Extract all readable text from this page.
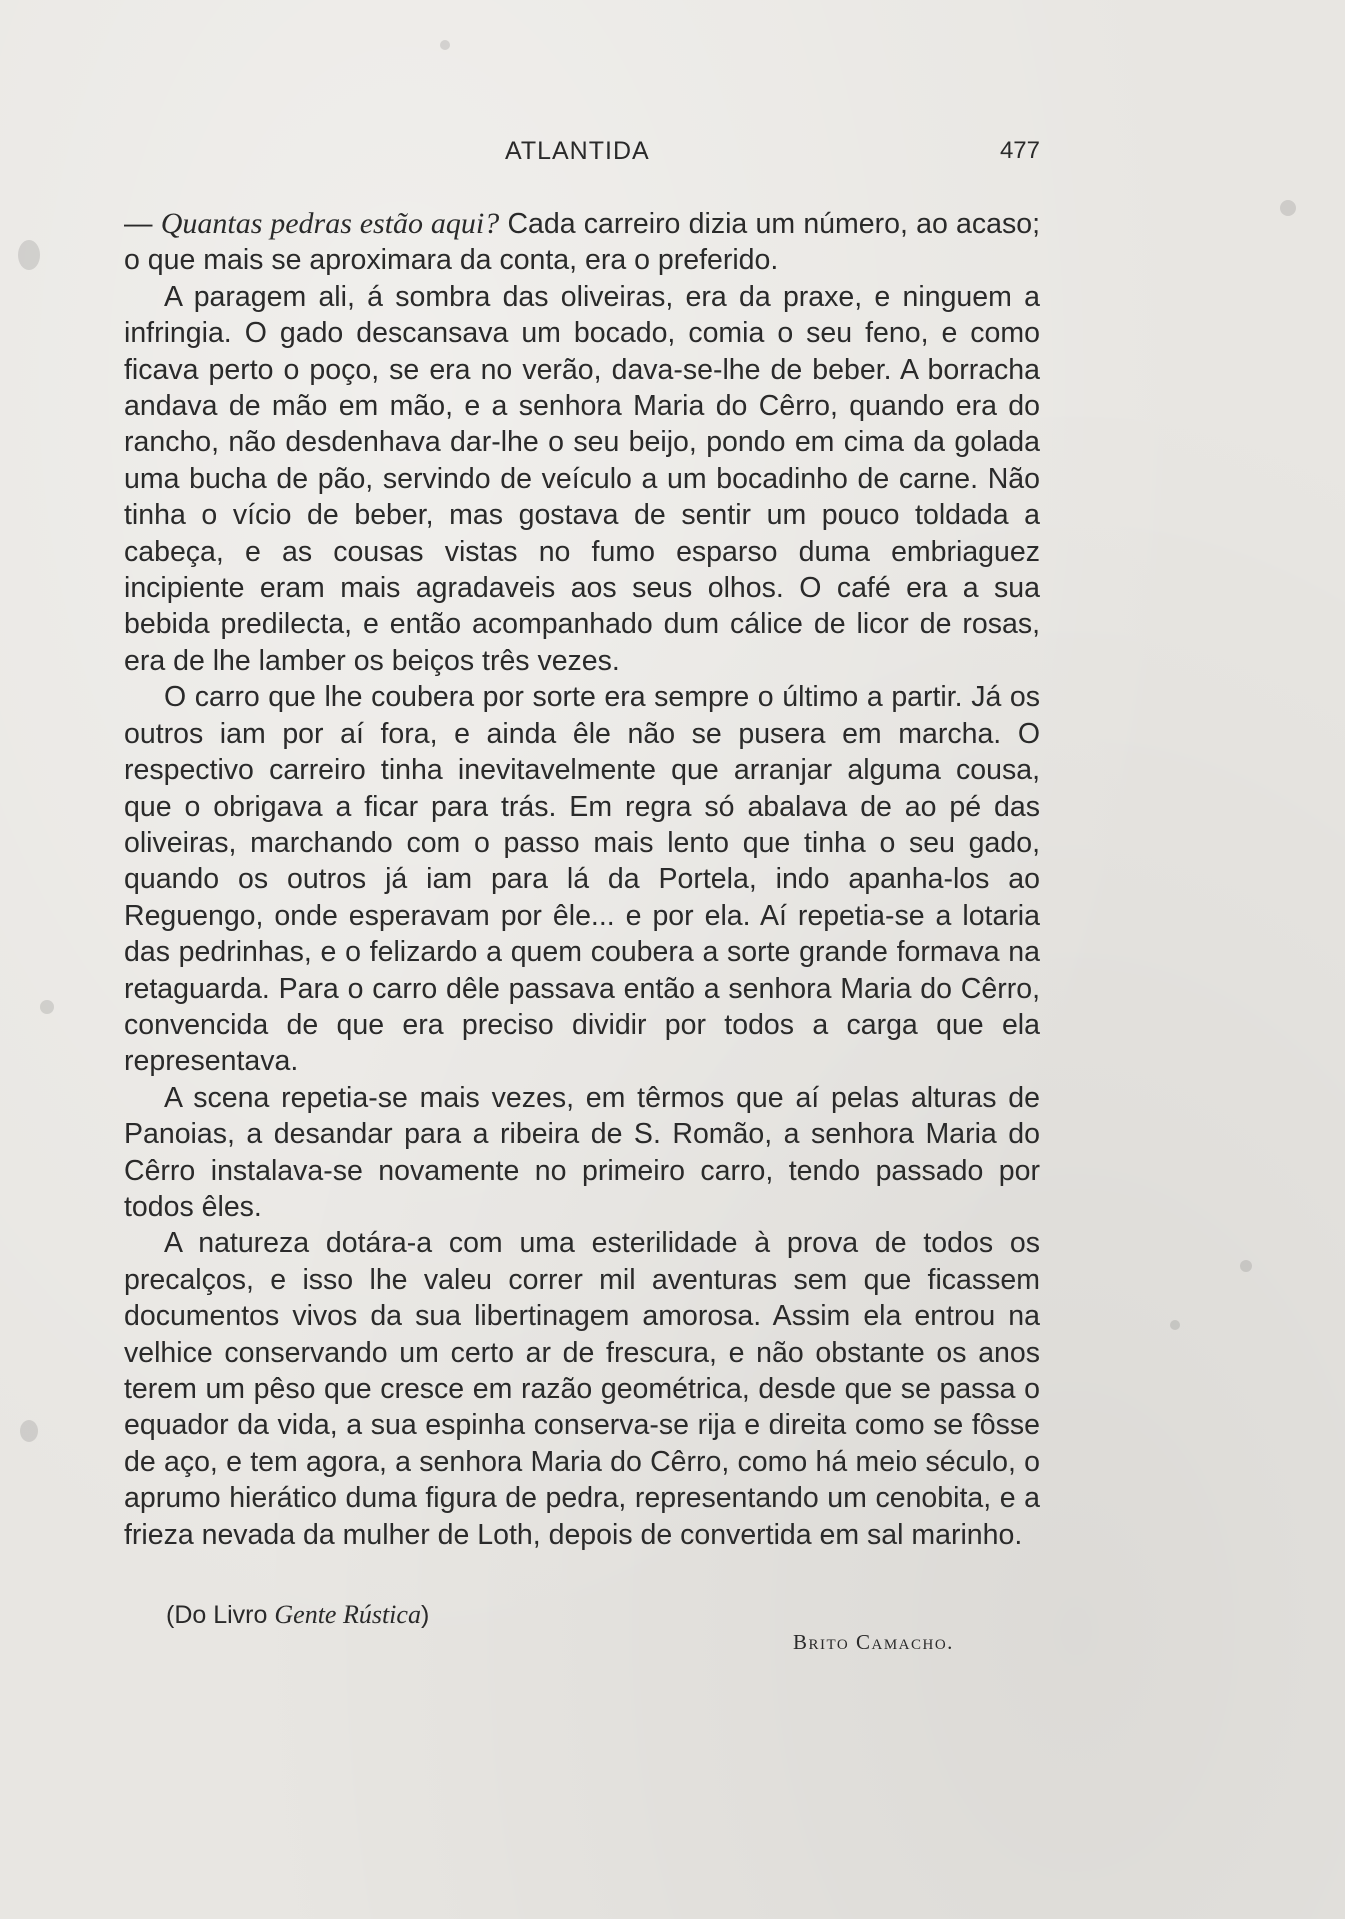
ATLANTIDA	477

— Quantas pedras estão aqui? Cada carreiro dizia um número, ao acaso; o que mais se aproximara da conta, era o preferido.

A paragem ali, á sombra das oliveiras, era da praxe, e ninguem a infringia. O gado descansava um bocado, comia o seu feno, e como ficava perto o poço, se era no verão, dava-se-lhe de beber. A borracha andava de mão em mão, e a senhora Maria do Cêrro, quando era do rancho, não desdenhava dar-lhe o seu beijo, pondo em cima da golada uma bucha de pão, servindo de veículo a um bocadinho de carne. Não tinha o vício de beber, mas gostava de sentir um pouco toldada a cabeça, e as cousas vistas no fumo esparso duma embriaguez incipiente eram mais agradaveis aos seus olhos. O café era a sua bebida predilecta, e então acompanhado dum cálice de licor de rosas, era de lhe lamber os beiços três vezes.

O carro que lhe coubera por sorte era sempre o último a partir. Já os outros iam por aí fora, e ainda êle não se pusera em marcha. O respectivo carreiro tinha inevitavelmente que arranjar alguma cousa, que o obrigava a ficar para trás. Em regra só abalava de ao pé das oliveiras, marchando com o passo mais lento que tinha o seu gado, quando os outros já iam para lá da Portela, indo apanha-los ao Reguengo, onde esperavam por êle... e por ela. Aí repetia-se a lotaria das pedrinhas, e o felizardo a quem coubera a sorte grande formava na retaguarda. Para o carro dêle passava então a senhora Maria do Cêrro, convencida de que era preciso dividir por todos a carga que ela representava.

A scena repetia-se mais vezes, em têrmos que aí pelas alturas de Panoias, a desandar para a ribeira de S. Romão, a senhora Maria do Cêrro instalava-se novamente no primeiro carro, tendo passado por todos êles.

A natureza dotára-a com uma esterilidade à prova de todos os precalços, e isso lhe valeu correr mil aventuras sem que ficassem documentos vivos da sua libertinagem amorosa. Assim ela entrou na velhice conservando um certo ar de frescura, e não obstante os anos terem um pêso que cresce em razão geométrica, desde que se passa o equador da vida, a sua espinha conserva-se rija e direita como se fôsse de aço, e tem agora, a senhora Maria do Cêrro, como há meio século, o aprumo hierático duma figura de pedra, representando um cenobita, e a frieza nevada da mulher de Loth, depois de convertida em sal marinho.

(Do Livro Gente Rústica)
Brito Camacho.
